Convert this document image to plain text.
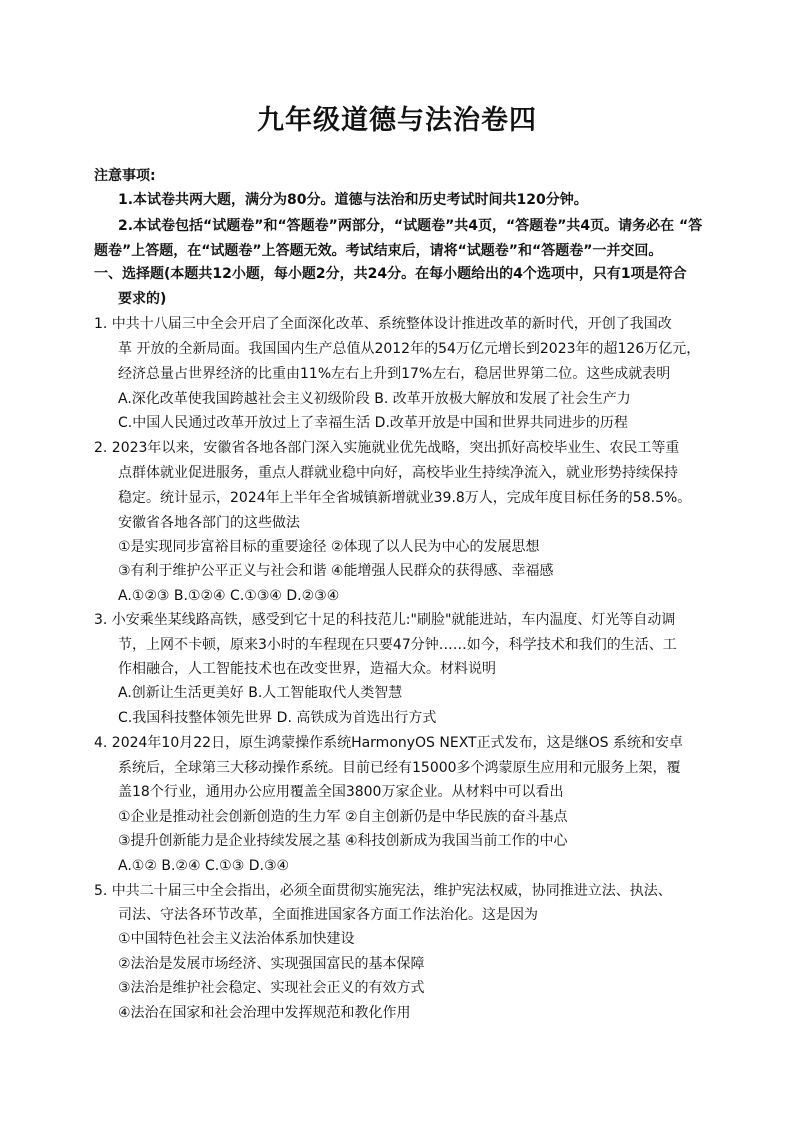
九年级道德与法治卷四
注意事项:
1.本试卷共两大题，满分为80分。道德与法治和历史考试时间共120分钟。
2.本试卷包括“试题卷”和“答题卷”两部分，“试题卷”共4页，“答题卷”共4页。请务必在 “答
题卷”上答题，在“试题卷”上答题无效。考试结束后，请将“试题卷”和“答题卷”一并交回。
一、选择题(本题共12小题，每小题2分，共24分。在每小题给出的4个选项中，只有1项是符合
要求的)
1. 中共十八届三中全会开启了全面深化改革、系统整体设计推进改革的新时代，开创了我国改
革 开放的全新局面。我国国内生产总值从2012年的54万亿元增长到2023年的超126万亿元，
经济总量占世界经济的比重由11%左右上升到17%左右，稳居世界第二位。这些成就表明
A.深化改革使我国跨越社会主义初级阶段 B. 改革开放极大解放和发展了社会生产力
C.中国人民通过改革开放过上了幸福生活 D.改革开放是中国和世界共同进步的历程
2. 2023年以来，安徽省各地各部门深入实施就业优先战略，突出抓好高校毕业生、农民工等重
点群体就业促进服务，重点人群就业稳中向好，高校毕业生持续净流入，就业形势持续保持
稳定。统计显示，2024年上半年全省城镇新增就业39.8万人，完成年度目标任务的58.5%。
安徽省各地各部门的这些做法
①是实现同步富裕目标的重要途径 ②体现了以人民为中心的发展思想
③有利于维护公平正义与社会和谐 ④能增强人民群众的获得感、幸福感
A.①②③ B.①②④ C.①③④ D.②③④
3. 小安乘坐某线路高铁，感受到它十足的科技范儿:"刷脸"就能进站，车内温度、灯光等自动调
节，上网不卡顿，原来3小时的车程现在只要47分钟……如今，科学技术和我们的生活、工
作相融合，人工智能技术也在改变世界，造福大众。材料说明
A.创新让生活更美好 B.人工智能取代人类智慧
C.我国科技整体领先世界 D. 高铁成为首选出行方式
4. 2024年10月22日，原生鸿蒙操作系统HarmonyOS NEXT正式发布，这是继OS 系统和安卓
系统后，全球第三大移动操作系统。目前已经有15000多个鸿蒙原生应用和元服务上架，覆
盖18个行业，通用办公应用覆盖全国3800万家企业。从材料中可以看出
①企业是推动社会创新创造的生力军 ②自主创新仍是中华民族的奋斗基点
③提升创新能力是企业持续发展之基 ④科技创新成为我国当前工作的中心
A.①② B.②④ C.①③ D.③④
5. 中共二十届三中全会指出，必须全面贯彻实施宪法，维护宪法权威，协同推进立法、执法、
司法、守法各环节改革，全面推进国家各方面工作法治化。这是因为
①中国特色社会主义法治体系加快建设
②法治是发展市场经济、实现强国富民的基本保障
③法治是维护社会稳定、实现社会正义的有效方式
④法治在国家和社会治理中发挥规范和教化作用
